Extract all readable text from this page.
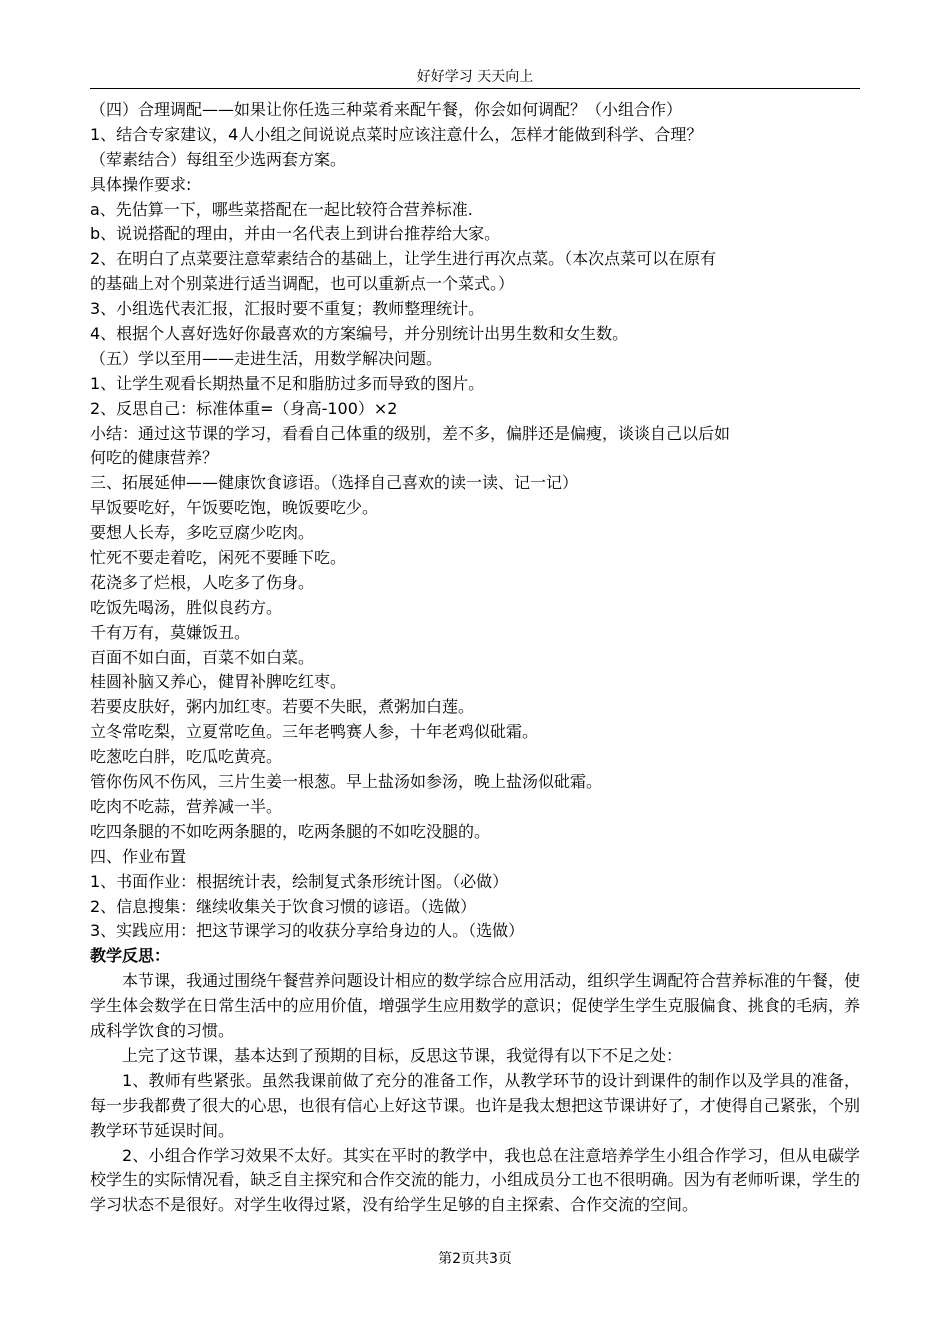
好好学习 天天向上
（四）合理调配——如果让你任选三种菜肴来配午餐，你会如何调配？（小组合作）
1、结合专家建议，4人小组之间说说点菜时应该注意什么，怎样才能做到科学、合理？
（荤素结合）每组至少选两套方案。
具体操作要求:
a、先估算一下，哪些菜搭配在一起比较符合营养标准.
b、说说搭配的理由，并由一名代表上到讲台推荐给大家。
2、在明白了点菜要注意荤素结合的基础上，让学生进行再次点菜。（本次点菜可以在原有
的基础上对个别菜进行适当调配，也可以重新点一个菜式。）
3、小组选代表汇报，汇报时要不重复；教师整理统计。
4、根据个人喜好选好你最喜欢的方案编号，并分别统计出男生数和女生数。
（五）学以至用——走进生活，用数学解决问题。
1、让学生观看长期热量不足和脂肪过多而导致的图片。
2、反思自己：标准体重=（身高-100）×2
小结：通过这节课的学习，看看自己体重的级别，差不多，偏胖还是偏瘦，谈谈自己以后如
何吃的健康营养？
三、拓展延伸——健康饮食谚语。（选择自己喜欢的读一读、记一记）
早饭要吃好，午饭要吃饱，晚饭要吃少。
要想人长寿，多吃豆腐少吃肉。
忙死不要走着吃，闲死不要睡下吃。
花浇多了烂根，人吃多了伤身。
吃饭先喝汤，胜似良药方。
千有万有，莫嫌饭丑。
百面不如白面，百菜不如白菜。
桂圆补脑又养心，健胃补脾吃红枣。
若要皮肤好，粥内加红枣。若要不失眠，煮粥加白莲。
立冬常吃梨，立夏常吃鱼。三年老鸭赛人参，十年老鸡似砒霜。
吃葱吃白胖，吃瓜吃黄亮。
管你伤风不伤风，三片生姜一根葱。早上盐汤如参汤，晚上盐汤似砒霜。
吃肉不吃蒜，营养减一半。
吃四条腿的不如吃两条腿的，吃两条腿的不如吃没腿的。
四、作业布置
1、书面作业：根据统计表，绘制复式条形统计图。（必做）
2、信息搜集：继续收集关于饮食习惯的谚语。（选做）
3、实践应用：把这节课学习的收获分享给身边的人。（选做）
教学反思：
本节课，我通过围绕午餐营养问题设计相应的数学综合应用活动，组织学生调配符合营养标准的午餐，使学生体会数学在日常生活中的应用价值，增强学生应用数学的意识；促使学生学生克服偏食、挑食的毛病，养成科学饮食的习惯。
上完了这节课，基本达到了预期的目标，反思这节课，我觉得有以下不足之处：
1、教师有些紧张。虽然我课前做了充分的准备工作，从教学环节的设计到课件的制作以及学具的准备，每一步我都费了很大的心思，也很有信心上好这节课。也许是我太想把这节课讲好了，才使得自己紧张，个别教学环节延误时间。
2、小组合作学习效果不太好。其实在平时的教学中，我也总在注意培养学生小组合作学习，但从电碳学校学生的实际情况看，缺乏自主探究和合作交流的能力，小组成员分工也不很明确。因为有老师听课，学生的学习状态不是很好。对学生收得过紧，没有给学生足够的自主探索、合作交流的空间。
第2页共3页
